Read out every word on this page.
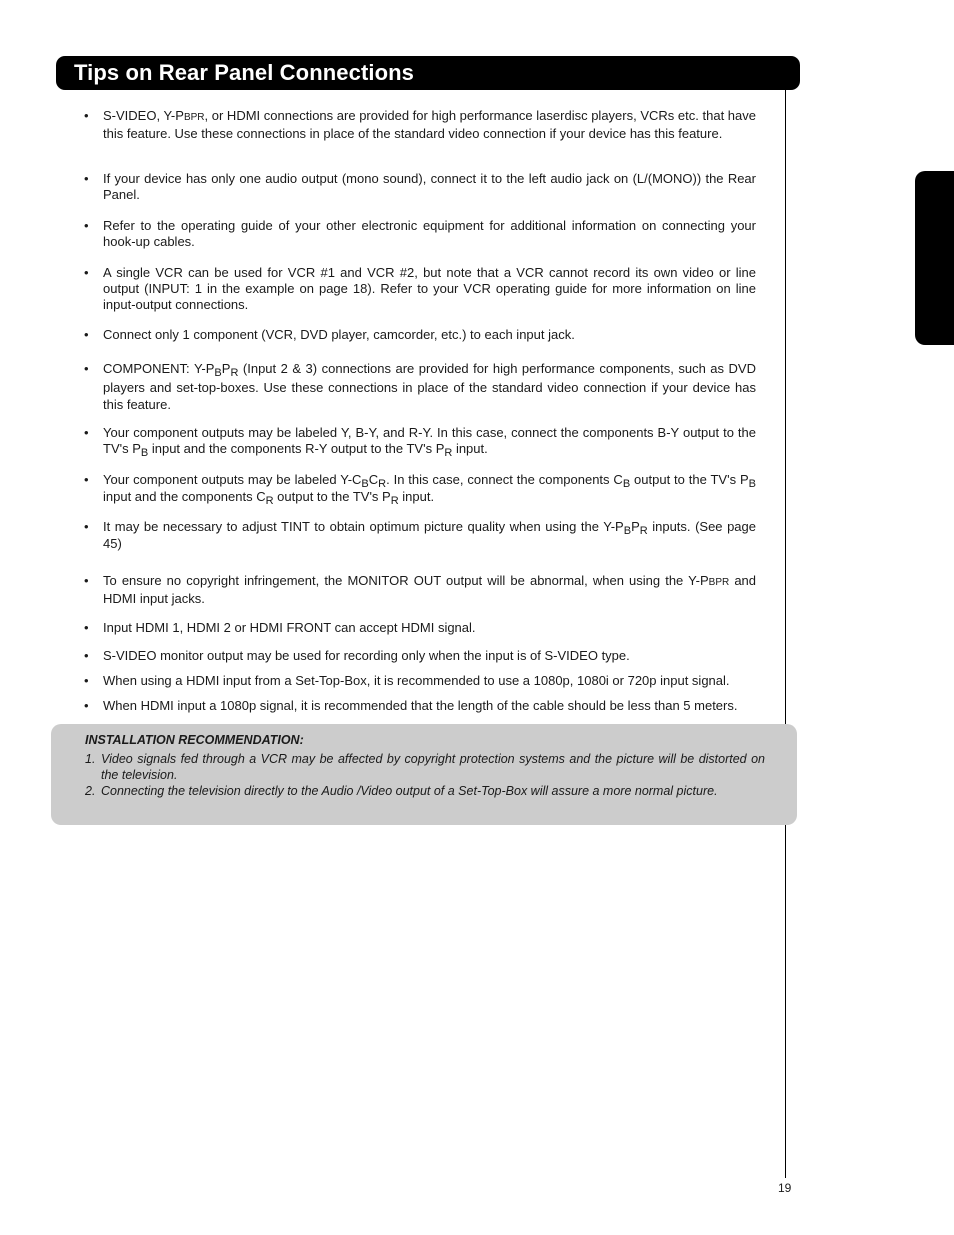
Tips on Rear Panel Connections
• S-VIDEO, Y-PBPR, or HDMI connections are provided for high performance laserdisc players, VCRs etc. that have this feature. Use these connections in place of the standard video connection if your device has this feature.
• If your device has only one audio output (mono sound), connect it to the left audio jack on (L/(MONO)) the Rear Panel.
• Refer to the operating guide of your other electronic equipment for additional information on connecting your hook-up cables.
• A single VCR can be used for VCR #1 and VCR #2, but note that a VCR cannot record its own video or line output (INPUT: 1 in the example on page 18). Refer to your VCR operating guide for more information on line input-output connections.
• Connect only 1 component (VCR, DVD player, camcorder, etc.) to each input jack.
• COMPONENT: $Y-P_BP_R$ (Input 2 & 3) connections are provided for high performance components, such as DVD players and set-top-boxes. Use these connections in place of the standard video connection if your device has this feature.
• Your component outputs may be labeled Y, B-Y, and R-Y. In this case, connect the components B-Y output to the TV's $P_B$ input and the components R-Y output to the TV's $P_R$ input.
• Your component outputs may be labeled $Y-C_BC_R$. In this case, connect the components $C_B$ output to the TV's $P_B$ input and the components $C_R$ output to the TV's $P_R$ input.
• It may be necessary to adjust TINT to obtain optimum picture quality when using the $Y-P_BP_R$ inputs. (See page 45)
• To ensure no copyright infringement, the MONITOR OUT output will be abnormal, when using the Y-PBPR and HDMI input jacks.
• Input HDMI 1, HDMI 2 or HDMI FRONT can accept HDMI signal.
• S-VIDEO monitor output may be used for recording only when the input is of S-VIDEO type.
• When using a HDMI input from a Set-Top-Box, it is recommended to use a 1080p, 1080i or 720p input signal.
• When HDMI input a 1080p signal, it is recommended that the length of the cable should be less than 5 meters.
INSTALLATION RECOMMENDATION:
1. Video signals fed through a VCR may be affected by copyright protection systems and the picture will be distorted on the television.
2. Connecting the television directly to the Audio /Video output of a Set-Top-Box will assure a more normal picture.
19
